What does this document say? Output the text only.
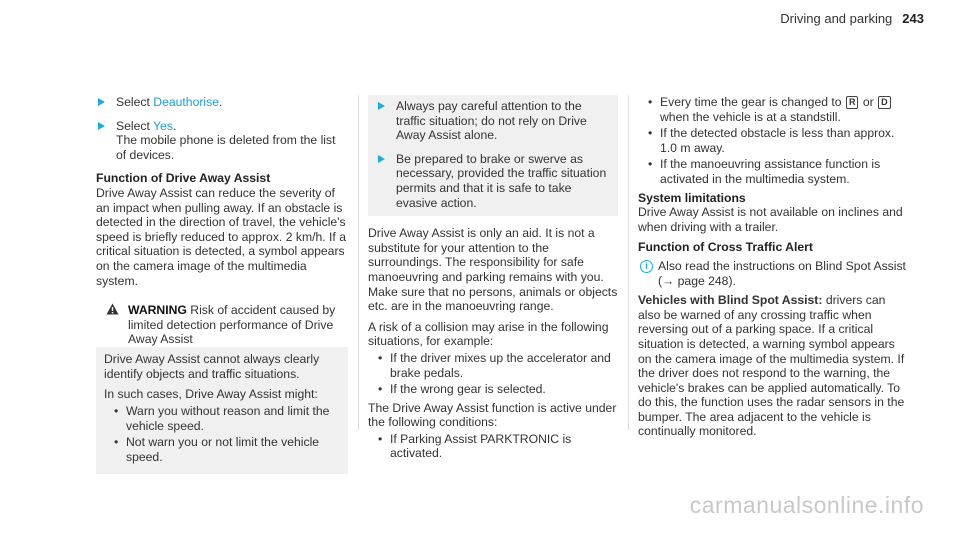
Driving and parking 243
Select Deauthorise.
Select Yes.

The mobile phone is deleted from the list of devices.

Function of Drive Away Assist

Drive Away Assist can reduce the severity of an impact when pulling away. If an obstacle is detected in the direction of travel, the vehicle's speed is briefly reduced to approx. 2 km/h. If a critical situation is detected, a symbol appears on the camera image of the multimedia system.

WARNING Risk of accident caused by limited detection performance of Drive Away Assist

Drive Away Assist cannot always clearly identify objects and traffic situations.

In such cases, Drive Away Assist might:

• Warn you without reason and limit the vehicle speed.
• Not warn you or not limit the vehicle speed.
Always pay careful attention to the traffic situation; do not rely on Drive Away Assist alone.
Be prepared to brake or swerve as necessary, provided the traffic situation permits and that it is safe to take evasive action.

Drive Away Assist is only an aid. It is not a substitute for your attention to the surroundings. The responsibility for safe manoeuvring and parking remains with you. Make sure that no persons, animals or objects etc. are in the manoeuvring range.

A risk of a collision may arise in the following situations, for example:

• If the driver mixes up the accelerator and brake pedals.
• If the wrong gear is selected.

The Drive Away Assist function is active under the following conditions:

• If Parking Assist PARKTRONIC is activated.
• Every time the gear is changed to R or D when the vehicle is at a standstill.
• If the detected obstacle is less than approx. 1.0 m away.
• If the manoeuvring assistance function is activated in the multimedia system.

System limitations

Drive Away Assist is not available on inclines and when driving with a trailer.

Function of Cross Traffic Alert

i Also read the instructions on Blind Spot Assist (→ page 248).

Vehicles with Blind Spot Assist: drivers can also be warned of any crossing traffic when reversing out of a parking space. If a critical situation is detected, a warning symbol appears on the camera image of the multimedia system. If the driver does not respond to the warning, the vehicle's brakes can be applied automatically. To do this, the function uses the radar sensors in the bumper. The area adjacent to the vehicle is continually monitored.

carmanualsonline.info
